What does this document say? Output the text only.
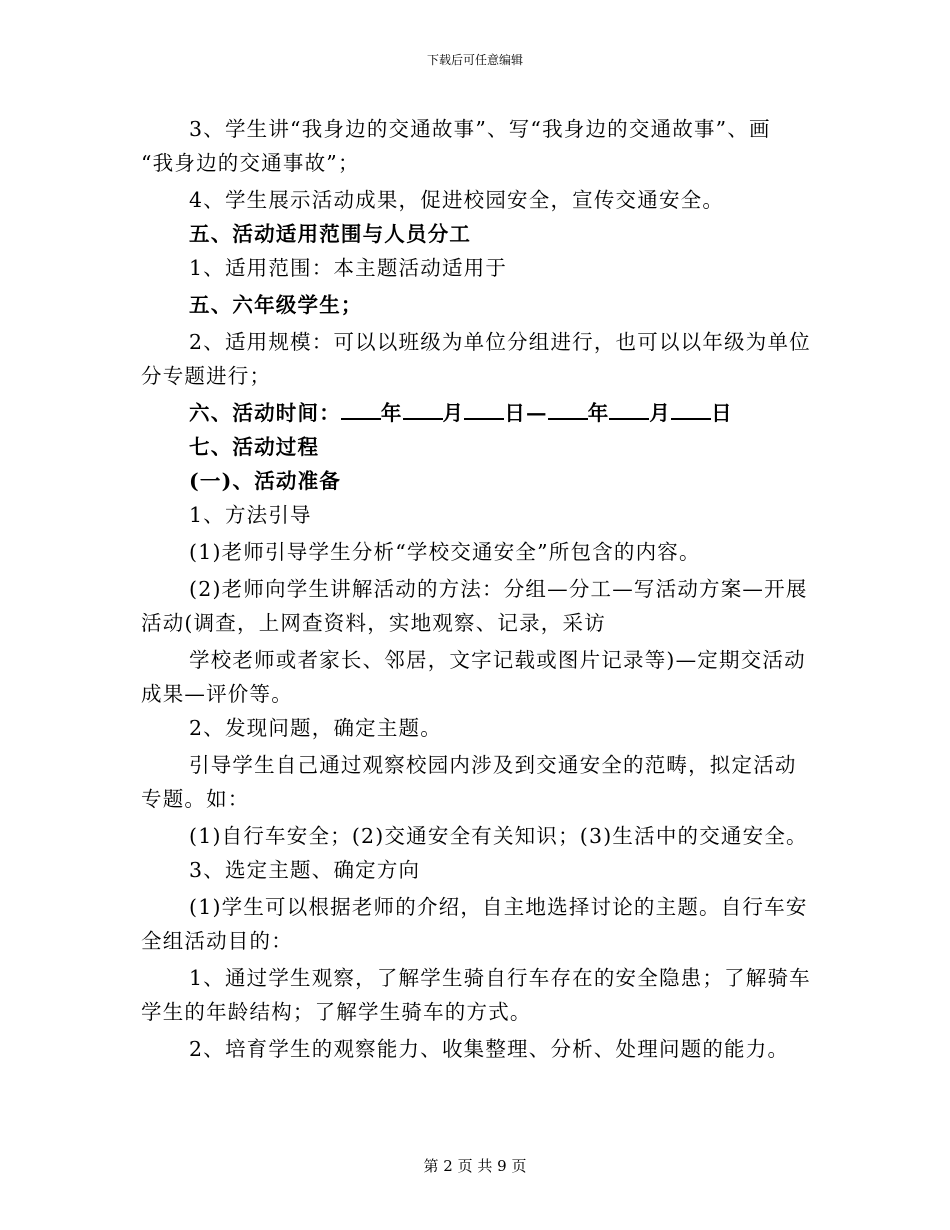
下载后可任意编辑

3、学生讲“我身边的交通故事”、写“我身边的交通故事”、画

“我身边的交通事故”；

4、学生展示活动成果，促进校园安全，宣传交通安全。

五、活动适用范围与人员分工

1、适用范围：本主题活动适用于

五、六年级学生；

2、适用规模：可以以班级为单位分组进行，也可以以年级为单位

分专题进行；

六、活动时间： 年 月 日— 年 月 日

七、活动过程

(一)、活动准备

1、方法引导

(1)老师引导学生分析“学校交通安全”所包含的内容。

(2)老师向学生讲解活动的方法：分组—分工—写活动方案—开展

活动(调查，上网查资料，实地观察、记录，采访

学校老师或者家长、邻居，文字记载或图片记录等)—定期交活动

成果—评价等。

2、发现问题，确定主题。

引导学生自己通过观察校园内涉及到交通安全的范畴，拟定活动

专题。如：

(1)自行车安全；(2)交通安全有关知识；(3)生活中的交通安全。

3、选定主题、确定方向

(1)学生可以根据老师的介绍，自主地选择讨论的主题。自行车安

全组活动目的：

1、通过学生观察，了解学生骑自行车存在的安全隐患；了解骑车

学生的年龄结构；了解学生骑车的方式。

2、培育学生的观察能力、收集整理、分析、处理问题的能力。

第 2 页 共 9 页
